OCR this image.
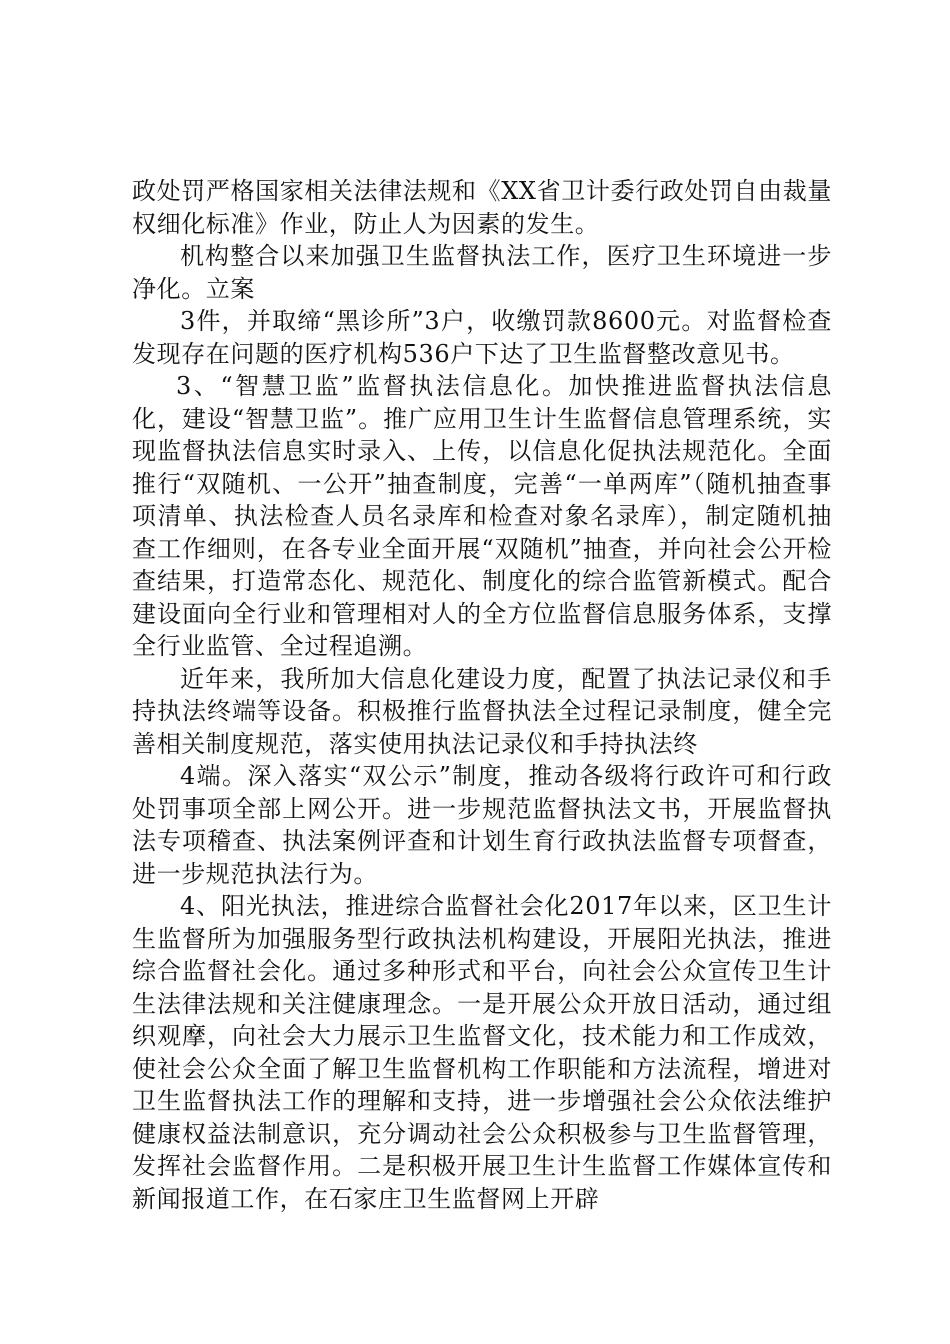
政处罚严格国家相关法律法规和《XX省卫计委行政处罚自由裁量权细化标准》作业，防止人为因素的发生。

机构整合以来加强卫生监督执法工作，医疗卫生环境进一步净化。立案

3件，并取缔“黑诊所”3户，收缴罚款8600元。对监督检查发现存在问题的医疗机构536户下达了卫生监督整改意见书。

3、“智慧卫监”监督执法信息化。加快推进监督执法信息化，建设“智慧卫监”。推广应用卫生计生监督信息管理系统，实现监督执法信息实时录入、上传，以信息化促执法规范化。全面推行“双随机、一公开”抽查制度，完善“一单两库”（随机抽查事项清单、执法检查人员名录库和检查对象名录库），制定随机抽查工作细则，在各专业全面开展“双随机”抽查，并向社会公开检查结果，打造常态化、规范化、制度化的综合监管新模式。配合建设面向全行业和管理相对人的全方位监督信息服务体系，支撑全行业监管、全过程追溯。

近年来，我所加大信息化建设力度，配置了执法记录仪和手持执法终端等设备。积极推行监督执法全过程记录制度，健全完善相关制度规范，落实使用执法记录仪和手持执法终

4端。深入落实“双公示”制度，推动各级将行政许可和行政处罚事项全部上网公开。进一步规范监督执法文书，开展监督执法专项稽查、执法案例评查和计划生育行政执法监督专项督查，进一步规范执法行为。

4、阳光执法，推进综合监督社会化2017年以来，区卫生计生监督所为加强服务型行政执法机构建设，开展阳光执法，推进综合监督社会化。通过多种形式和平台，向社会公众宣传卫生计生法律法规和关注健康理念。一是开展公众开放日活动，通过组织观摩，向社会大力展示卫生监督文化，技术能力和工作成效，使社会公众全面了解卫生监督机构工作职能和方法流程，增进对卫生监督执法工作的理解和支持，进一步增强社会公众依法维护健康权益法制意识，充分调动社会公众积极参与卫生监督管理，发挥社会监督作用。二是积极开展卫生计生监督工作媒体宣传和新闻报道工作，在石家庄卫生监督网上开辟
